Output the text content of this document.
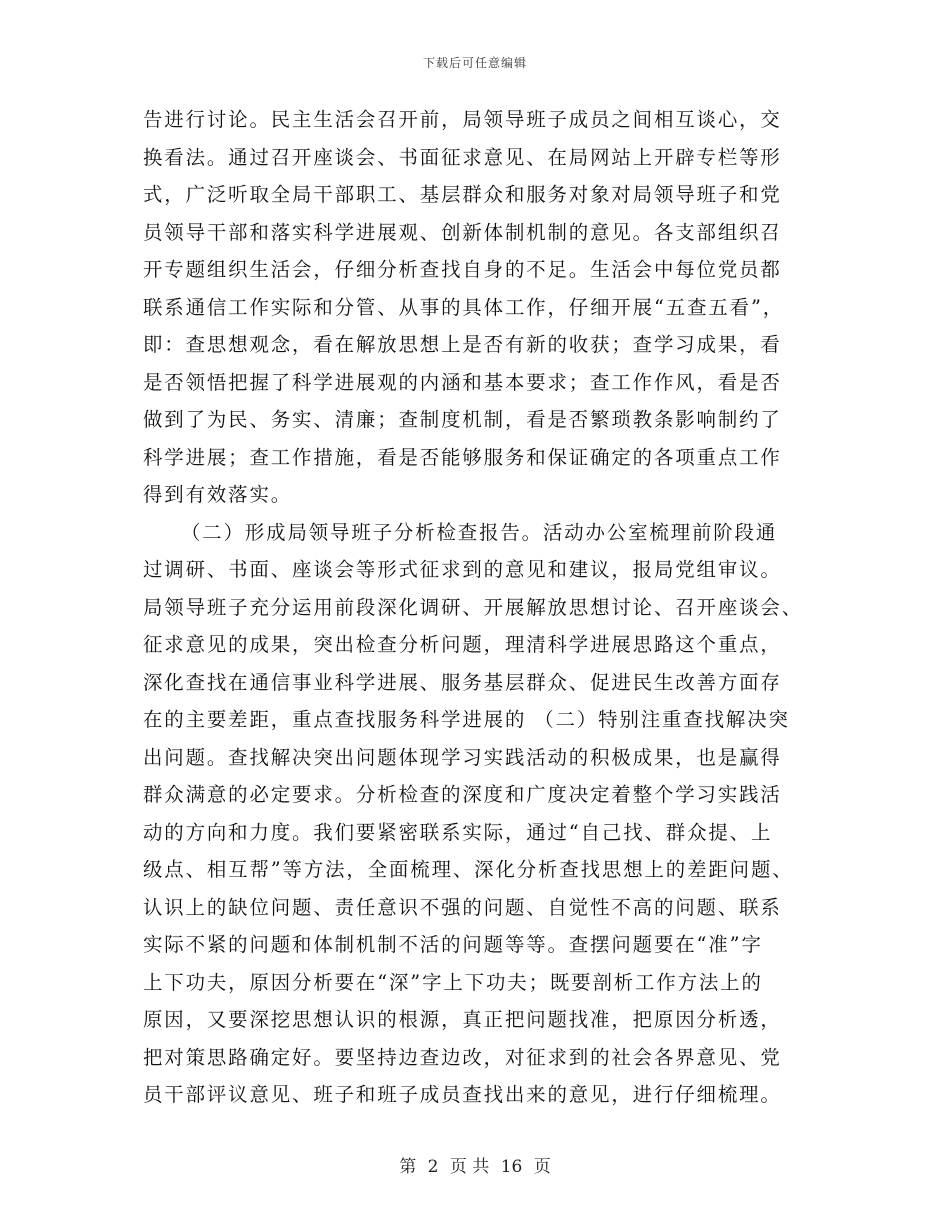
下载后可任意编辑
告进行讨论。民主生活会召开前，局领导班子成员之间相互谈心，交
换看法。通过召开座谈会、书面征求意见、在局网站上开辟专栏等形
式，广泛听取全局干部职工、基层群众和服务对象对局领导班子和党
员领导干部和落实科学进展观、创新体制机制的意见。各支部组织召
开专题组织生活会，仔细分析查找自身的不足。生活会中每位党员都
联系通信工作实际和分管、从事的具体工作，仔细开展“五查五看”，
即：查思想观念，看在解放思想上是否有新的收获；查学习成果，看
是否领悟把握了科学进展观的内涵和基本要求；查工作作风，看是否
做到了为民、务实、清廉；查制度机制，看是否繁琐教条影响制约了
科学进展；查工作措施，看是否能够服务和保证确定的各项重点工作
得到有效落实。
（二）形成局领导班子分析检查报告。活动办公室梳理前阶段通
过调研、书面、座谈会等形式征求到的意见和建议，报局党组审议。
局领导班子充分运用前段深化调研、开展解放思想讨论、召开座谈会、
征求意见的成果，突出检查分析问题，理清科学进展思路这个重点，
深化查找在通信事业科学进展、服务基层群众、促进民生改善方面存
在的主要差距，重点查找服务科学进展的 （二）特别注重查找解决突
出问题。查找解决突出问题体现学习实践活动的积极成果，也是赢得
群众满意的必定要求。分析检查的深度和广度决定着整个学习实践活
动的方向和力度。我们要紧密联系实际，通过“自己找、群众提、上
级点、相互帮”等方法，全面梳理、深化分析查找思想上的差距问题、
认识上的缺位问题、责任意识不强的问题、自觉性不高的问题、联系
实际不紧的问题和体制机制不活的问题等等。查摆问题要在“准”字
上下功夫，原因分析要在“深”字上下功夫；既要剖析工作方法上的
原因，又要深挖思想认识的根源，真正把问题找准，把原因分析透，
把对策思路确定好。要坚持边查边改，对征求到的社会各界意见、党
员干部评议意见、班子和班子成员查找出来的意见，进行仔细梳理。
第 2 页 共 16 页
